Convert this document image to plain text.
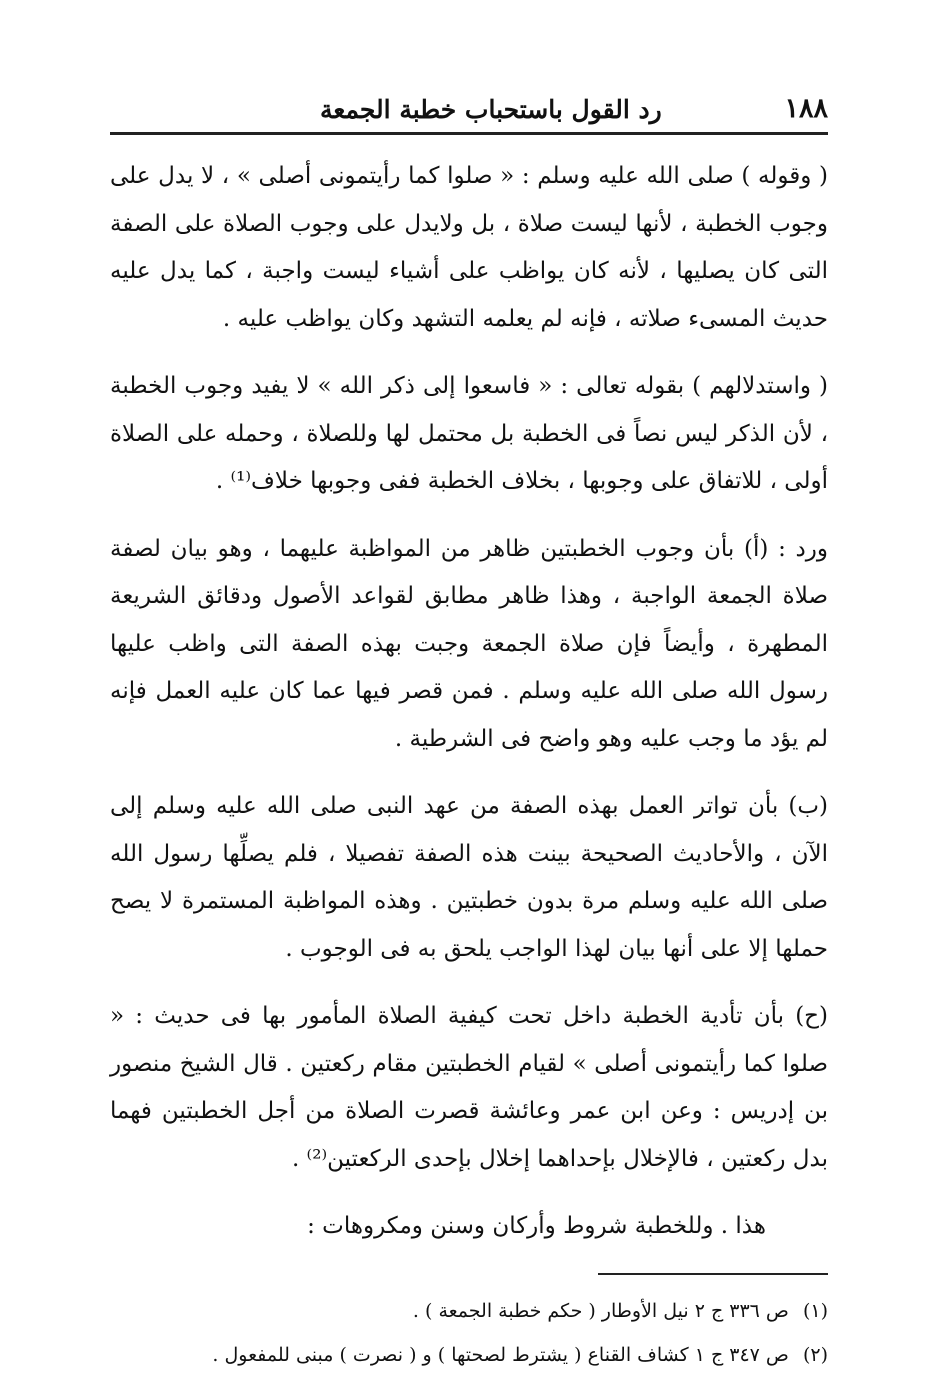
١٨٨
رد القول باستحباب خطبة الجمعة

( وقوله ) صلى الله عليه وسلم : « صلوا كما رأيتمونى أصلى » ، لا يدل على وجوب الخطبة ، لأنها ليست صلاة ، بل ولايدل على وجوب الصلاة على الصفة التى كان يصليها ، لأنه كان يواظب على أشياء ليست واجبة ، كما يدل عليه حديث المسىء صلاته ، فإنه لم يعلمه التشهد وكان يواظب عليه .

( واستدلالهم ) بقوله تعالى : « فاسعوا إلى ذكر الله » لا يفيد وجوب الخطبة ، لأن الذكر ليس نصاً فى الخطبة بل محتمل لها وللصلاة ، وحمله على الصلاة أولى ، للاتفاق على وجوبها ، بخلاف الخطبة ففى وجوبها خلاف⁽¹⁾ .

ورد : (أ) بأن وجوب الخطبتين ظاهر من المواظبة عليهما ، وهو بيان لصفة صلاة الجمعة الواجبة ، وهذا ظاهر مطابق لقواعد الأصول ودقائق الشريعة المطهرة ، وأيضاً فإن صلاة الجمعة وجبت بهذه الصفة التى واظب عليها رسول الله صلى الله عليه وسلم . فمن قصر فيها عما كان عليه العمل فإنه لم يؤد ما وجب عليه وهو واضح فى الشرطية .

(ب) بأن تواتر العمل بهذه الصفة من عهد النبى صلى الله عليه وسلم إلى الآن ، والأحاديث الصحيحة بينت هذه الصفة تفصيلا ، فلم يصلِّها رسول الله صلى الله عليه وسلم مرة بدون خطبتين . وهذه المواظبة المستمرة لا يصح حملها إلا على أنها بيان لهذا الواجب يلحق به فى الوجوب .

(ح) بأن تأدية الخطبة داخل تحت كيفية الصلاة المأمور بها فى حديث : « صلوا كما رأيتمونى أصلى » لقيام الخطبتين مقام ركعتين . قال الشيخ منصور بن إدريس : وعن ابن عمر وعائشة قصرت الصلاة من أجل الخطبتين فهما بدل ركعتين ، فالإخلال بإحداهما إخلال بإحدى الركعتين⁽²⁾ .

هذا . وللخطبة شروط وأركان وسنن ومكروهات :

(١) ص ٣٣٦ ج ٢ نيل الأوطار ( حكم خطبة الجمعة ) .
(٢) ص ٣٤٧ ج ١ كشاف القناع ( يشترط لصحتها ) و ( نصرت ) مبنى للمفعول .
